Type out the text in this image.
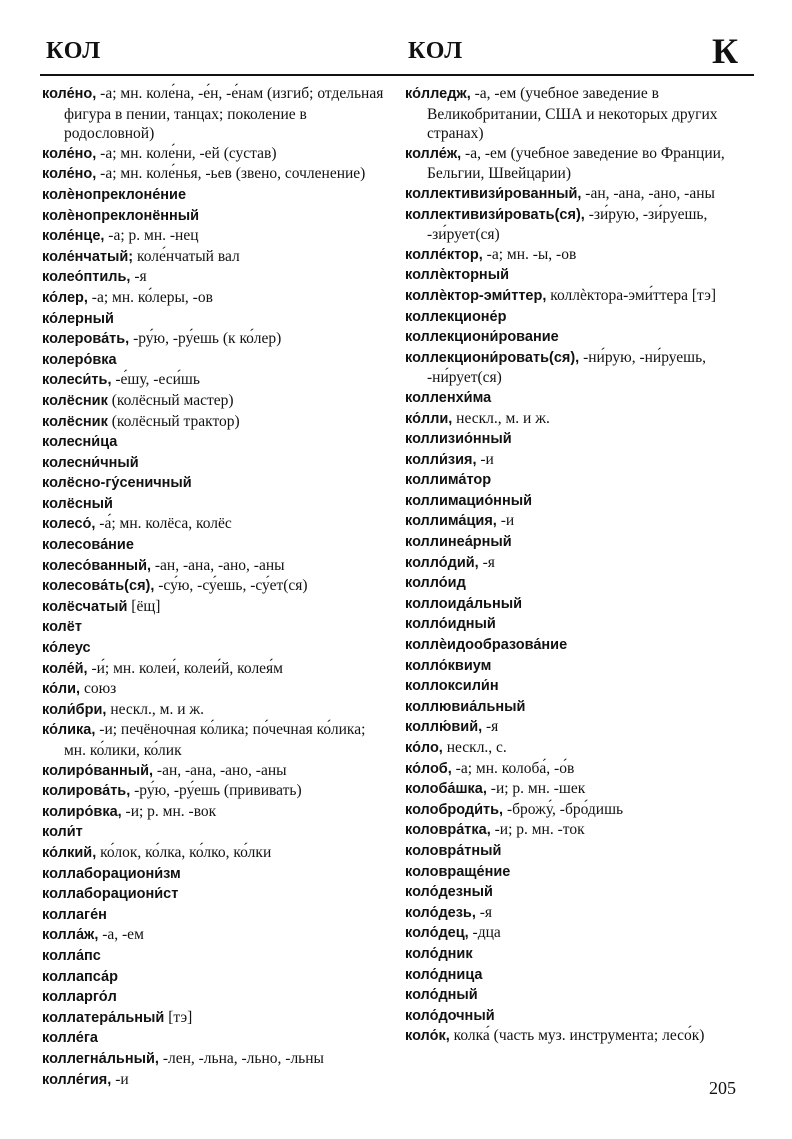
КОЛ	КОЛ	К

коле́но, -а; мн. коле́на, -е́н, -е́нам (изгиб; отдельная фигура в пении, танцах; поколение в родословной)

коле́но, -а; мн. коле́ни, -ей (сустав)

коле́но, -а; мн. коле́нья, -ьев (звено, сочленение)

колѐнопреклоне́ние

колѐнопреклонённый

коле́нце, -а; р. мн. -нец

коле́нчатый; коле́нчатый вал

колео́птиль, -я

ко́лер, -а; мн. ко́леры, -ов

ко́лерный

колерова́ть, -ру́ю, -ру́ешь (к ко́лер)

колеро́вка

колеси́ть, -е́шу, -еси́шь

колёсник (колёсный мастер)

колёсник (колёсный трактор)

колесни́ца

колесни́чный

колёсно-гу́сеничный

колёсный

колесо́, -а́; мн. колёса, колёс

колесова́ние

колесо́ванный, -ан, -ана, -ано, -аны

колесова́ть(ся), -су́ю, -су́ешь, -су́ет(ся)

колёсчатый [ёщ]

колёт

ко́леус

коле́й, -и́; мн. колеи́, колеи́й, колея́м

ко́ли, союз

коли́бри, нескл., м. и ж.

ко́лика, -и; печёночная ко́лика; по́чечная ко́лика; мн. ко́лики, ко́лик

колиро́ванный, -ан, -ана, -ано, -аны

колирова́ть, -ру́ю, -ру́ешь (прививать)

колиро́вка, -и; р. мн. -вок

коли́т

ко́лкий, ко́лок, ко́лка, ко́лко, ко́лки

коллаборациони́зм

коллаборациони́ст

коллаге́н

колла́ж, -а, -ем

колла́пс

коллапса́р

колларго́л

коллатера́льный [тэ]

колле́га

коллегна́льный, -лен, -льна, -льно, -льны

колле́гия, -и

ко́лледж, -а, -ем (учебное заведение в Великобритании, США и некоторых других странах)

колле́ж, -а, -ем (учебное заведение во Франции, Бельгии, Швейцарии)

коллективизи́рованный, -ан, -ана, -ано, -аны

коллективизи́ровать(ся), -зи́рую, -зи́руешь, -зи́рует(ся)

колле́ктор, -а; мн. -ы, -ов

коллѐкторный

коллѐктор-эми́ттер, коллѐктора-эми́ттера [тэ]

коллекционе́р

коллекциони́рование

коллекциони́ровать(ся), -ни́рую, -ни́руешь, -ни́рует(ся)

колленхи́ма

ко́лли, нескл., м. и ж.

коллизио́нный

колли́зия, -и

коллима́тор

коллимацио́нный

коллима́ция, -и

коллинеа́рный

колло́дий, -я

колло́ид

коллоида́льный

колло́идный

коллѐидообразова́ние

колло́квиум

коллоксили́н

коллювиа́льный

коллю́вий, -я

ко́ло, нескл., с.

ко́лоб, -а; мн. колоба́, -о́в

колоба́шка, -и; р. мн. -шек

колоброди́ть, -брожу́, -бро́дишь

коловра́тка, -и; р. мн. -ток

коловра́тный

коловраще́ние

коло́дезный

коло́дезь, -я

коло́дец, -дца

коло́дник

коло́дница

коло́дный

коло́дочный

коло́к, колка́ (часть муз. инструмента; лесо́к)

205
